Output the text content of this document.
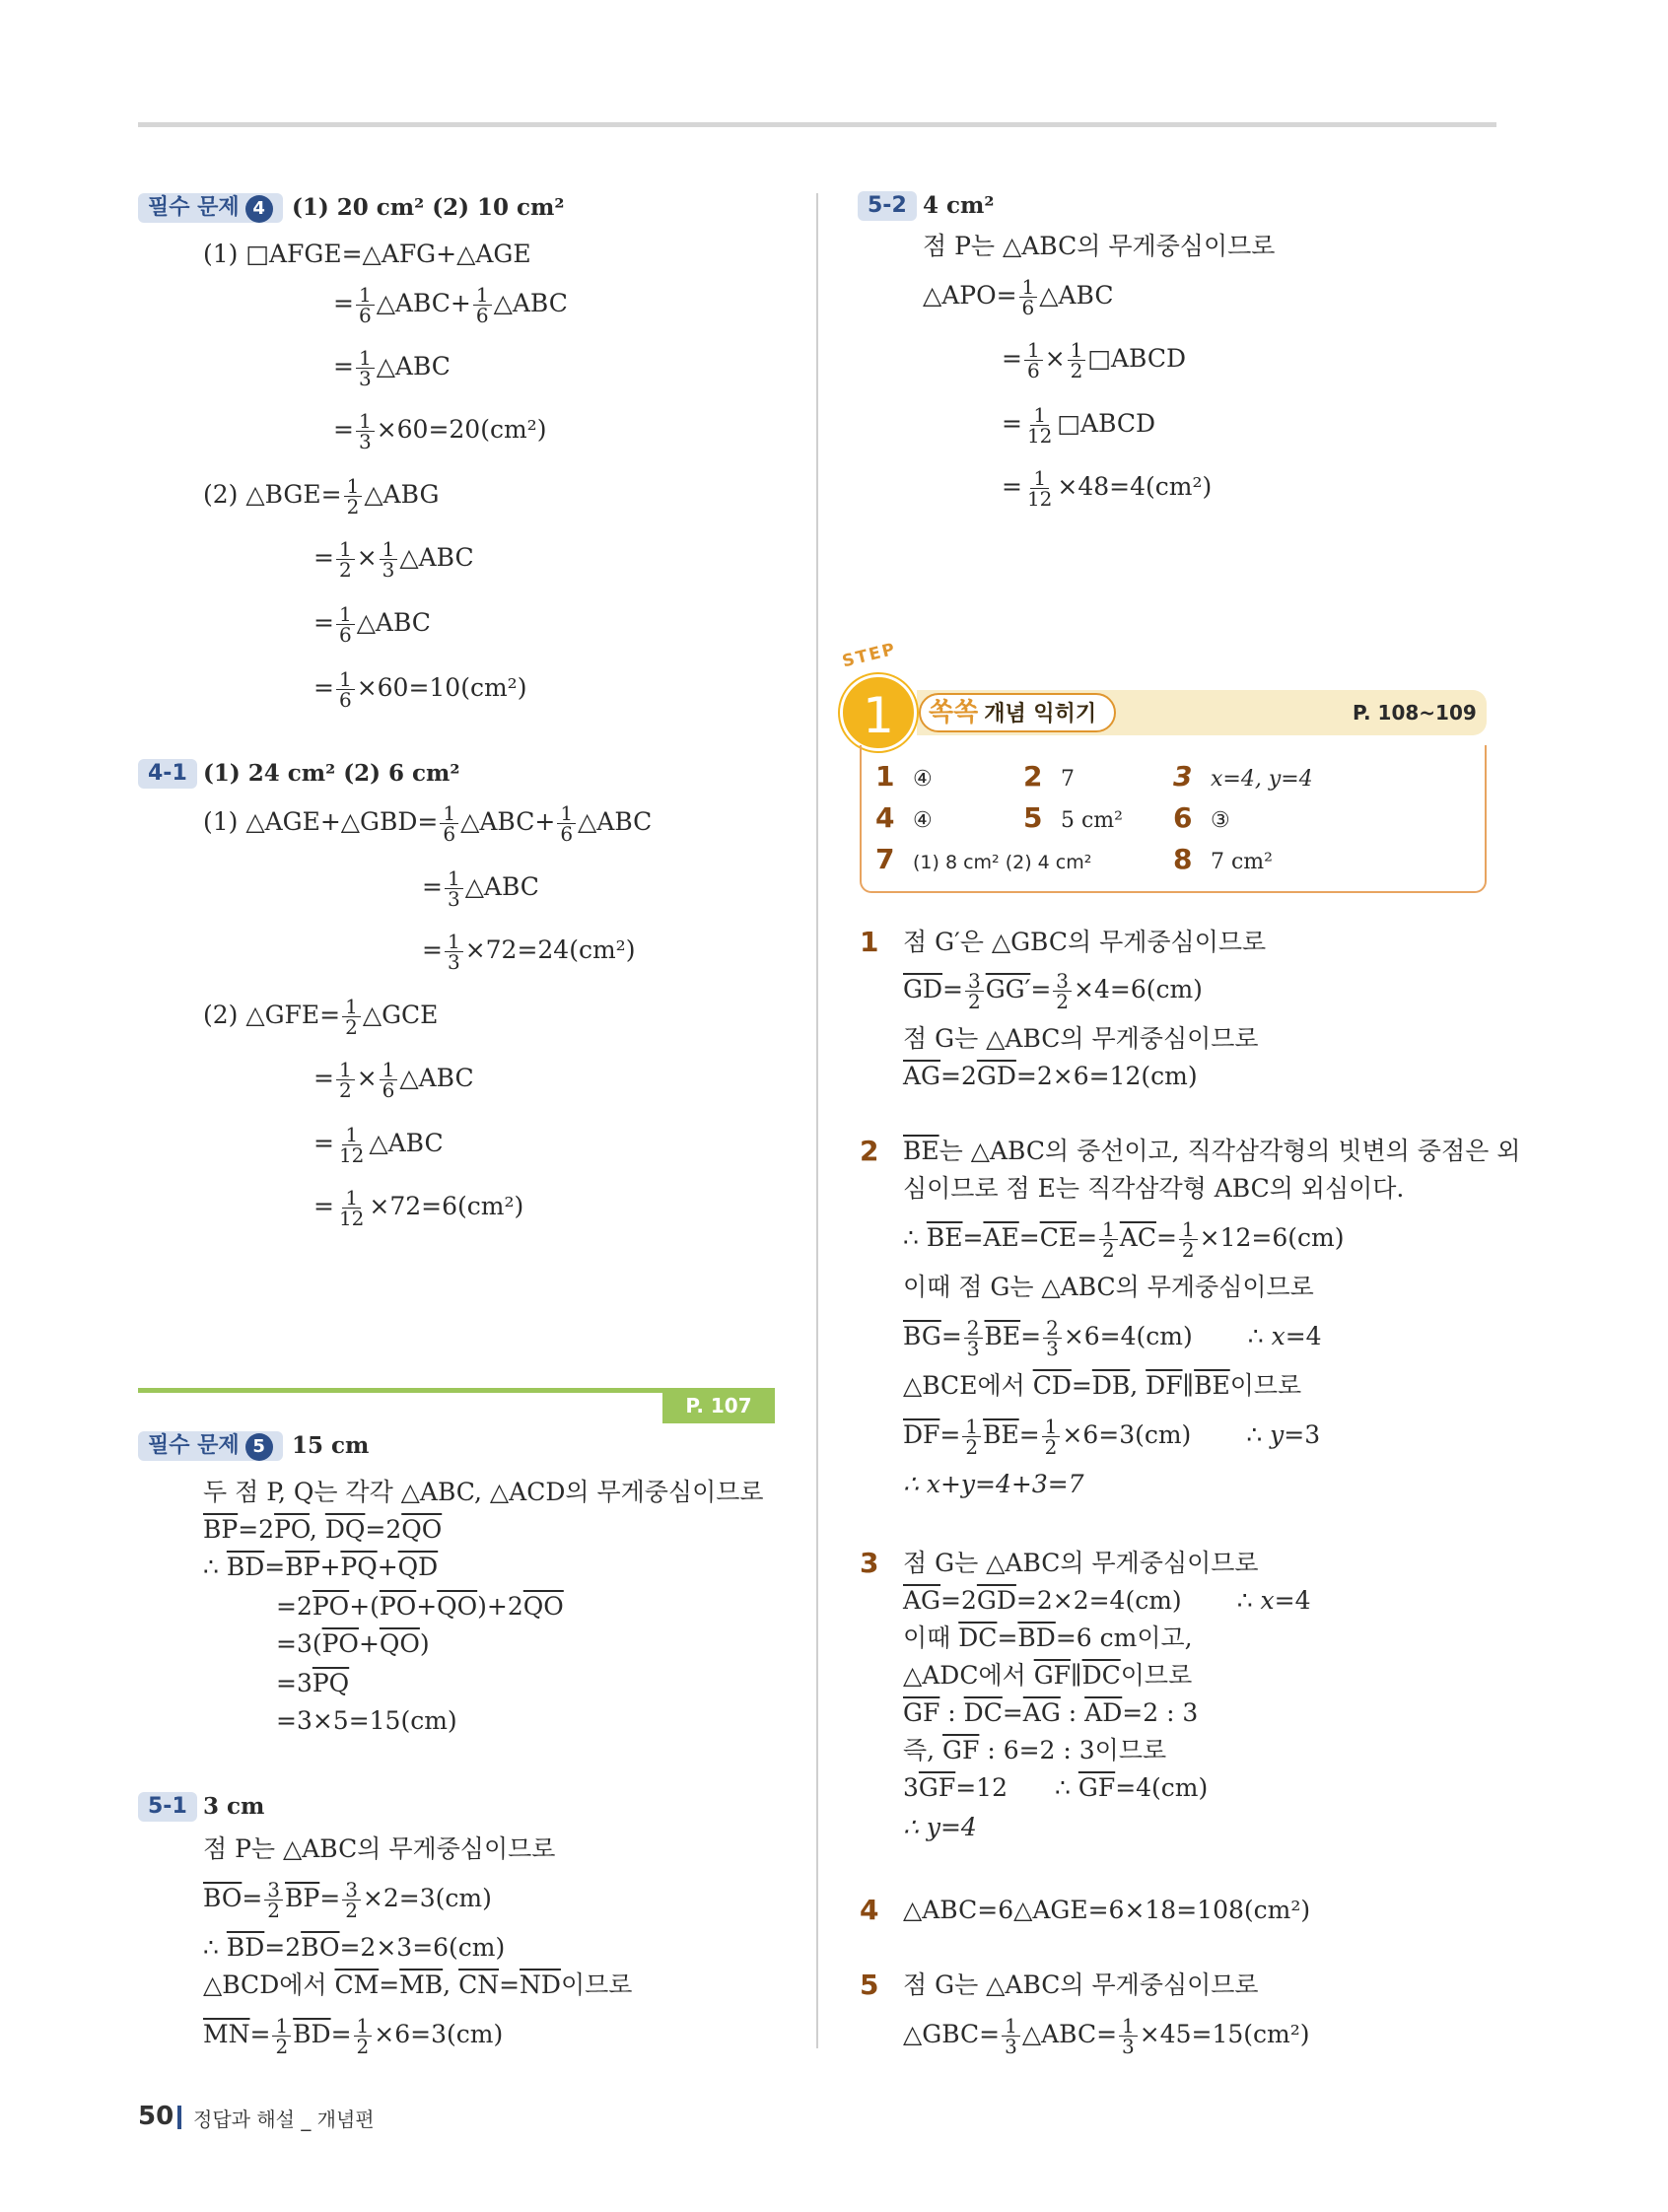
필수 문제 4	(1) 20 cm² (2) 10 cm²
(1) □AFGE=△AFG+△AGE
= $\frac{1}{6}$ △ABC+ $\frac{1}{6}$ △ABC
= $\frac{1}{3}$ △ABC
= $\frac{1}{3} \times 60=20(cm^2)$
(2) △BGE= $\frac{1}{2}$ △ABG
= $\frac{1}{2} \times \frac{1}{3}$ △ABC
= $\frac{1}{6}$ △ABC
= $\frac{1}{6} \times 60=10(cm^2)$
4-1 (1) 24 cm² (2) 6 cm²
(1) △AGE+△GBD= $\frac{1}{6}$ △ABC+ $\frac{1}{6}$ △ABC
= $\frac{1}{3}$ △ABC
= $\frac{1}{3} \times 72=24(cm^2)$
(2) △GFE= $\frac{1}{2}$ △GCE
= $\frac{1}{2} \times \frac{1}{6}$ △ABC
= $\frac{1}{12}$ △ABC
= $\frac{1}{12} \times 72=6(cm^2)$
P. 107
필수 문제 5	15 cm
두 점 P, Q는 각각 △ABC, △ACD의 무게중심이므로
$\overline{BP}=2\overline{PO}$, $\overline{DQ}=2\overline{QO}$
∴ $\overline{BD}=\overline{BP}+\overline{PQ}+\overline{QD}$
$=2\overline{PO}+(\overline{PO}+\overline{QO})+2\overline{QO}$
$=3(\overline{PO}+\overline{QO})$
$=3\overline{PQ}$
=3×5=15(cm)
5-1 3 cm
점 P는 △ABC의 무게중심이므로
$\overline{BO}= \frac{3}{2} \overline{BP}= \frac{3}{2} \times 2=3(cm)$
∴ $\overline{BD}=2\overline{BO}=2\times 3=6(cm)$
△BCD에서 $\overline{CM}=\overline{MB}$, $\overline{CN}=\overline{ND}$이므로
$\overline{MN}= \frac{1}{2} \overline{BD}= \frac{1}{2} \times 6=3(cm)$
5-2 4 cm²
점 P는 △ABC의 무게중심이므로
△APO= $\frac{1}{6}$ △ABC
= $\frac{1}{6} \times \frac{1}{2}$ □ABCD
= $\frac{1}{12}$ □ABCD
= $\frac{1}{12} \times 48=4(cm^2)$
STEP
1	쏙쏙 개념 익히기	P. 108~109
1 ④	2 7	3 x=4, y=4
4 ④	5 5 cm² 6 ③
7 (1) 8 cm² (2) 4 cm²	8 7 cm²
1 점 G′은 △GBC의 무게중심이므로
$\overline{GD}= \frac{3}{2} GG'= \frac{3}{2} \times 4=6(cm)$
점 G는 △ABC의 무게중심이므로
$\overline{AG}=2\overline{GD}=2\times 6=12(cm)$
2 $\overline{BE}$는 △ABC의 중선이고, 직각삼각형의 빗변의 중점은 외
심이므로 점 E는 직각삼각형 ABC의 외심이다.
∴ $\overline{BE}=\overline{AE}=\overline{CE}= \frac{1}{2} \overline{AC}= \frac{1}{2} \times 12=6(cm)$
이때 점 G는 △ABC의 무게중심이므로
$\overline{BG}= \frac{2}{3} \overline{BE}= \frac{2}{3} \times 6=4(cm)$ ∴ x=4
△BCE에서 $\overline{CD}=\overline{DB}$, $\overline{DF}\parallel\overline{BE}$이므로
$\overline{DF}= \frac{1}{2} \overline{BE}= \frac{1}{2} \times 6=3(cm)$ ∴ y=3
∴ x+y=4+3=7
3 점 G는 △ABC의 무게중심이므로
$\overline{AG}=2\overline{GD}=2\times 2=4(cm)$ ∴ x=4
이때 $\overline{DC}=\overline{BD}=6$ cm이고,
△ADC에서 $\overline{GF}\parallel\overline{DC}$이므로
$\overline{GF}$ : $\overline{DC}=\overline{AG}$ : $\overline{AD}=2$ : 3
즉, $\overline{GF}$ : 6=2 : 3이므로
$3\overline{GF}=12$ ∴ $\overline{GF}=4(cm)$
∴ y=4
4 △ABC=6△AGE=6×18=108(cm²)
5 점 G는 △ABC의 무게중심이므로
△GBC= $\frac{1}{3}$ △ABC= $\frac{1}{3} \times 45=15(cm^2)$
50 정답과 해설 _ 개념편
